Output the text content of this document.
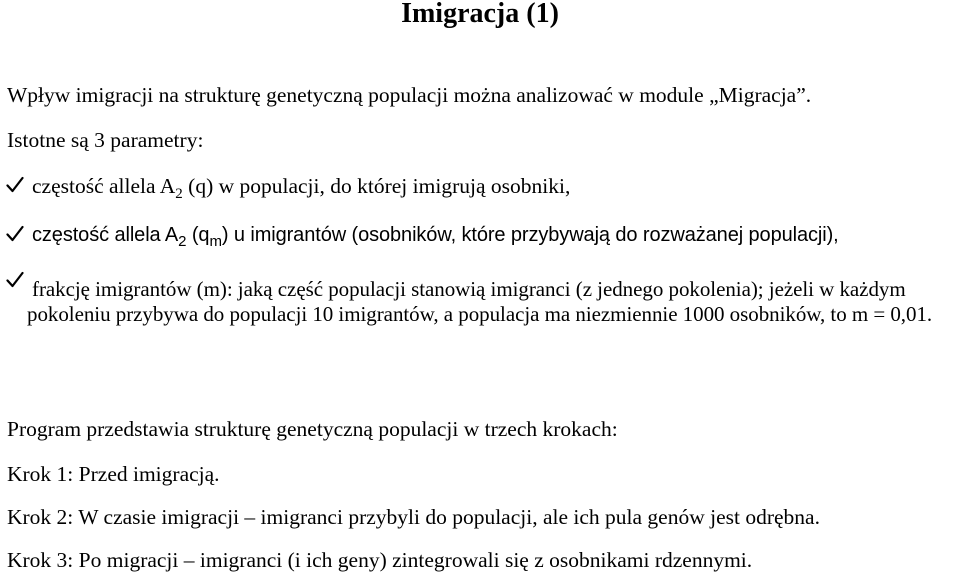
Imigracja (1)
Wpływ imigracji na strukturę genetyczną populacji można analizować w module „Migracja”.
Istotne są 3 parametry:
częstość allela $A_2$ (q) w populacji, do której imigrują osobniki,
częstość allela $A_2$ $(q_m)$ u imigrantów (osobników, które przybywają do rozważanej populacji),
frakcję imigrantów (m): jaką część populacji stanowią imigranci (z jednego pokolenia); jeżeli w każdym pokoleniu przybywa do populacji 10 imigrantów, a populacja ma niezmiennie 1000 osobników, to m = 0,01.
Program przedstawia strukturę genetyczną populacji w trzech krokach:
Krok 1: Przed imigracją.
Krok 2: W czasie imigracji – imigranci przybyli do populacji, ale ich pula genów jest odrębna.
Krok 3: Po migracji – imigranci (i ich geny) zintegrowali się z osobnikami rdzennymi.
